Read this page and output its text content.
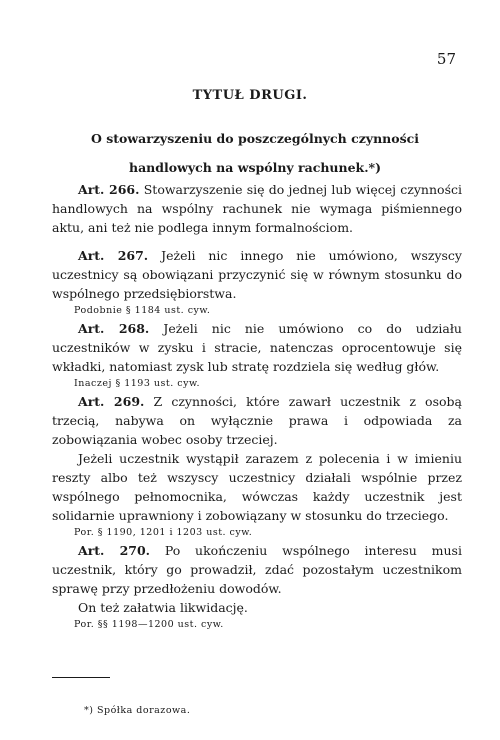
57
TYTUŁ DRUGI.
O stowarzyszeniu do poszczególnych czynności handlowych na wspólny rachunek.*)

Art. 266. Stowarzyszenie się do jednej lub więcej czynności handlowych na wspólny rachunek nie wymaga piśmiennego aktu, ani też nie podlega innym formalnościom.

Art. 267. Jeżeli nic innego nie umówiono, wszyscy uczestnicy są obowiązani przyczynić się w równym stosunku do wspólnego przedsiębiorstwa.

Podobnie § 1184 ust. cyw.

Art. 268. Jeżeli nic nie umówiono co do udziału uczestników w zysku i stracie, natenczas oprocentowuje się wkładki, natomiast zysk lub stratę rozdziela się według głów.

Inaczej § 1193 ust. cyw.

Art. 269. Z czynności, które zawarł uczestnik z osobą trzecią, nabywa on wyłącznie prawa i odpowiada za zobowiązania wobec osoby trzeciej.

Jeżeli uczestnik wystąpił zarazem z polecenia i w imieniu reszty albo też wszyscy uczestnicy działali wspólnie przez wspólnego pełnomocnika, wówczas każdy uczestnik jest solidarnie uprawniony i zobowiązany w stosunku do trzeciego.

Por. § 1190, 1201 i 1203 ust. cyw.

Art. 270. Po ukończeniu wspólnego interesu musi uczestnik, który go prowadził, zdać pozostałym uczestnikom sprawę przy przedłożeniu dowodów.

On też załatwia likwidację.

Por. §§ 1198—1200 ust. cyw.

*) Spółka dorazowa.
